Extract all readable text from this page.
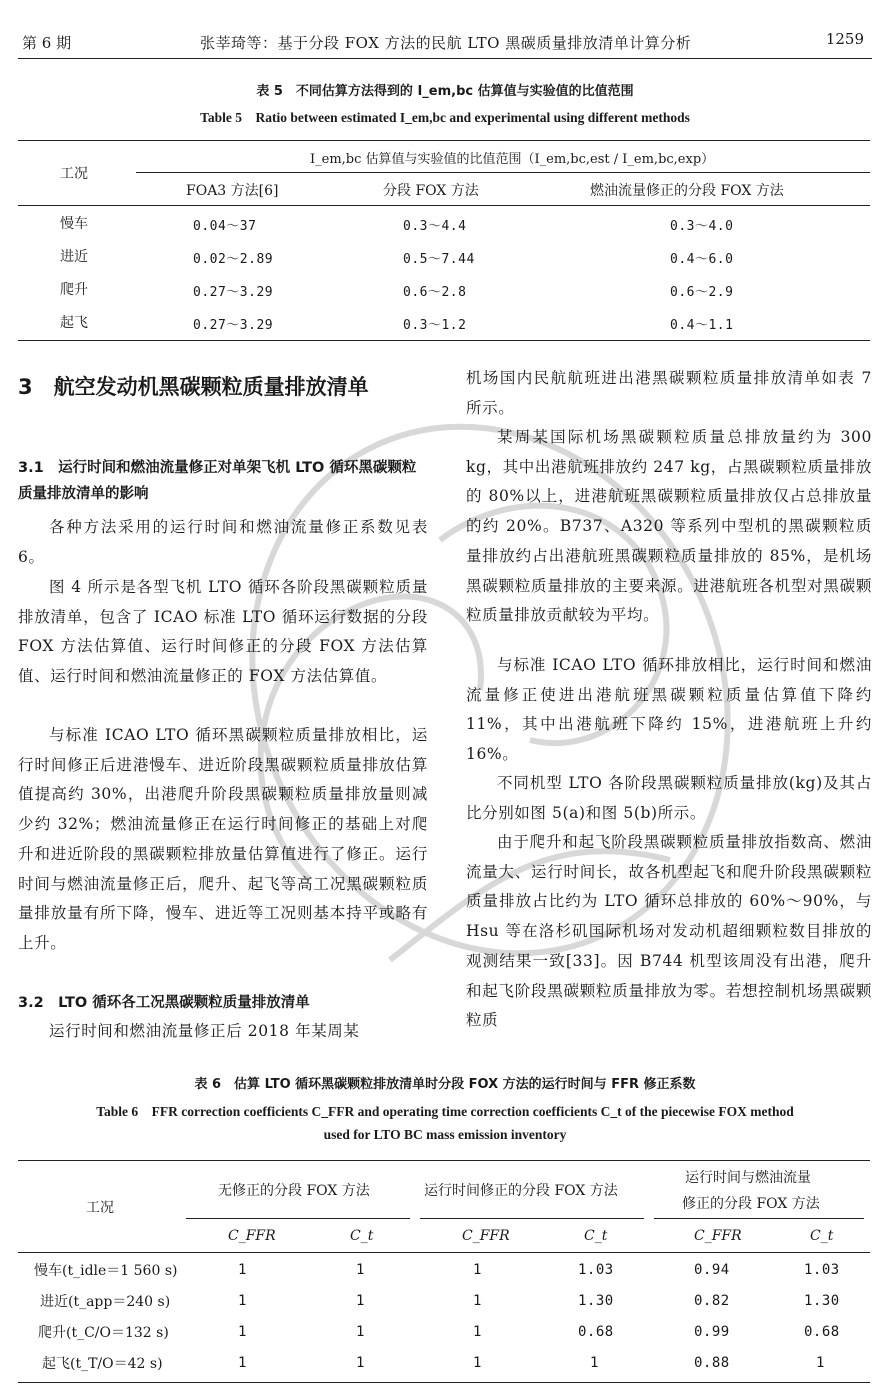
第 6 期	张莘琦等：基于分段 FOX 方法的民航 LTO 黑碳质量排放清单计算分析	1259
表 5　不同估算方法得到的 I_em,bc 估算值与实验值的比值范围
Table 5　Ratio between estimated I_em,bc and experimental using different methods
工况
I_em,bc 估算值与实验值的比值范围（I_em,bc,est / I_em,bc,exp）
FOA3 方法[6]	分段 FOX 方法	燃油流量修正的分段 FOX 方法
慢车	0.04～37	0.3～4.4	0.3～4.0
进近	0.02～2.89	0.5～7.44	0.4～6.0
爬升	0.27～3.29	0.6～2.8	0.6～2.9
起飞	0.27～3.29	0.3～1.2	0.4～1.1
3　航空发动机黑碳颗粒质量排放清单
3.1　运行时间和燃油流量修正对单架飞机 LTO 循环黑碳颗粒质量排放清单的影响
各种方法采用的运行时间和燃油流量修正系数见表 6。
图 4 所示是各型飞机 LTO 循环各阶段黑碳颗粒质量排放清单，包含了 ICAO 标准 LTO 循环运行数据的分段 FOX 方法估算值、运行时间修正的分段 FOX 方法估算值、运行时间和燃油流量修正的 FOX 方法估算值。
与标准 ICAO LTO 循环黑碳颗粒质量排放相比，运行时间修正后进港慢车、进近阶段黑碳颗粒质量排放估算值提高约 30%，出港爬升阶段黑碳颗粒质量排放量则减少约 32%；燃油流量修正在运行时间修正的基础上对爬升和进近阶段的黑碳颗粒排放量估算值进行了修正。运行时间与燃油流量修正后，爬升、起飞等高工况黑碳颗粒质量排放量有所下降，慢车、进近等工况则基本持平或略有上升。
3.2　LTO 循环各工况黑碳颗粒质量排放清单
运行时间和燃油流量修正后 2018 年某周某
机场国内民航航班进出港黑碳颗粒质量排放清单如表 7 所示。
某周某国际机场黑碳颗粒质量总排放量约为 300 kg，其中出港航班排放约 247 kg，占黑碳颗粒质量排放的 80%以上，进港航班黑碳颗粒质量排放仅占总排放量的约 20%。B737、A320 等系列中型机的黑碳颗粒质量排放约占出港航班黑碳颗粒质量排放的 85%，是机场黑碳颗粒质量排放的主要来源。进港航班各机型对黑碳颗粒质量排放贡献较为平均。
与标准 ICAO LTO 循环排放相比，运行时间和燃油流量修正使进出港航班黑碳颗粒质量估算值下降约 11%，其中出港航班下降约 15%，进港航班上升约 16%。
不同机型 LTO 各阶段黑碳颗粒质量排放(kg)及其占比分别如图 5(a)和图 5(b)所示。
由于爬升和起飞阶段黑碳颗粒质量排放指数高、燃油流量大、运行时间长，故各机型起飞和爬升阶段黑碳颗粒质量排放占比约为 LTO 循环总排放的 60%～90%，与 Hsu 等在洛杉矶国际机场对发动机超细颗粒数目排放的观测结果一致[33]。因 B744 机型该周没有出港，爬升和起飞阶段黑碳颗粒质量排放为零。若想控制机场黑碳颗粒质
表 6　估算 LTO 循环黑碳颗粒排放清单时分段 FOX 方法的运行时间与 FFR 修正系数
Table 6　FFR correction coefficients C_FFR and operating time correction coefficients C_t of the piecewise FOX method
used for LTO BC mass emission inventory
工况
无修正的分段 FOX 方法	运行时间修正的分段 FOX 方法
运行时间与燃油流量
修正的分段 FOX 方法
C_FFR	C_t	C_FFR	C_t	C_FFR	C_t
慢车(t_idle＝1 560 s)	1	1	1	1.03	0.94	1.03
进近(t_app＝240 s)	1	1	1	1.30	0.82	1.30
爬升(t_C/O＝132 s)	1	1	1	0.68	0.99	0.68
起飞(t_T/O＝42 s)	1	1	1	1	0.88	1
